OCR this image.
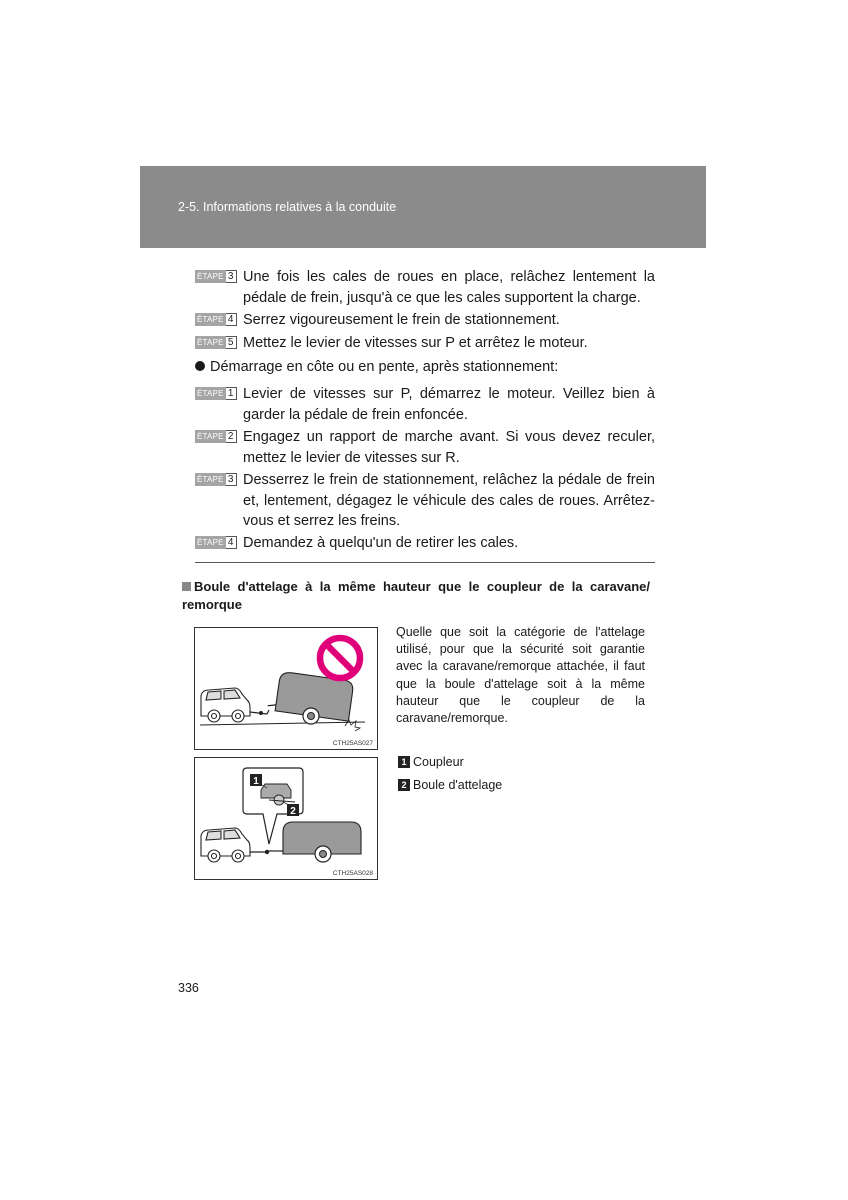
2-5. Informations relatives à la conduite
ÉTAPE 3 Une fois les cales de roues en place, relâchez lentement la pédale de frein, jusqu'à ce que les cales supportent la charge.
ÉTAPE 4 Serrez vigoureusement le frein de stationnement.
ÉTAPE 5 Mettez le levier de vitesses sur P et arrêtez le moteur.
Démarrage en côte ou en pente, après stationnement:
ÉTAPE 1 Levier de vitesses sur P, démarrez le moteur. Veillez bien à garder la pédale de frein enfoncée.
ÉTAPE 2 Engagez un rapport de marche avant. Si vous devez reculer, mettez le levier de vitesses sur R.
ÉTAPE 3 Desserrez le frein de stationnement, relâchez la pédale de frein et, lentement, dégagez le véhicule des cales de roues. Arrêtez-vous et serrez les freins.
ÉTAPE 4 Demandez à quelqu'un de retirer les cales.
Boule d'attelage à la même hauteur que le coupleur de la caravane/ remorque
CTH25AS027
1
2
CTH25AS028
Quelle que soit la catégorie de l'attelage utilisé, pour que la sécurité soit garantie avec la caravane/remorque attachée, il faut que la boule d'attelage soit à la même hauteur que le coupleur de la caravane/remorque.
1 Coupleur
2 Boule d'attelage
336
